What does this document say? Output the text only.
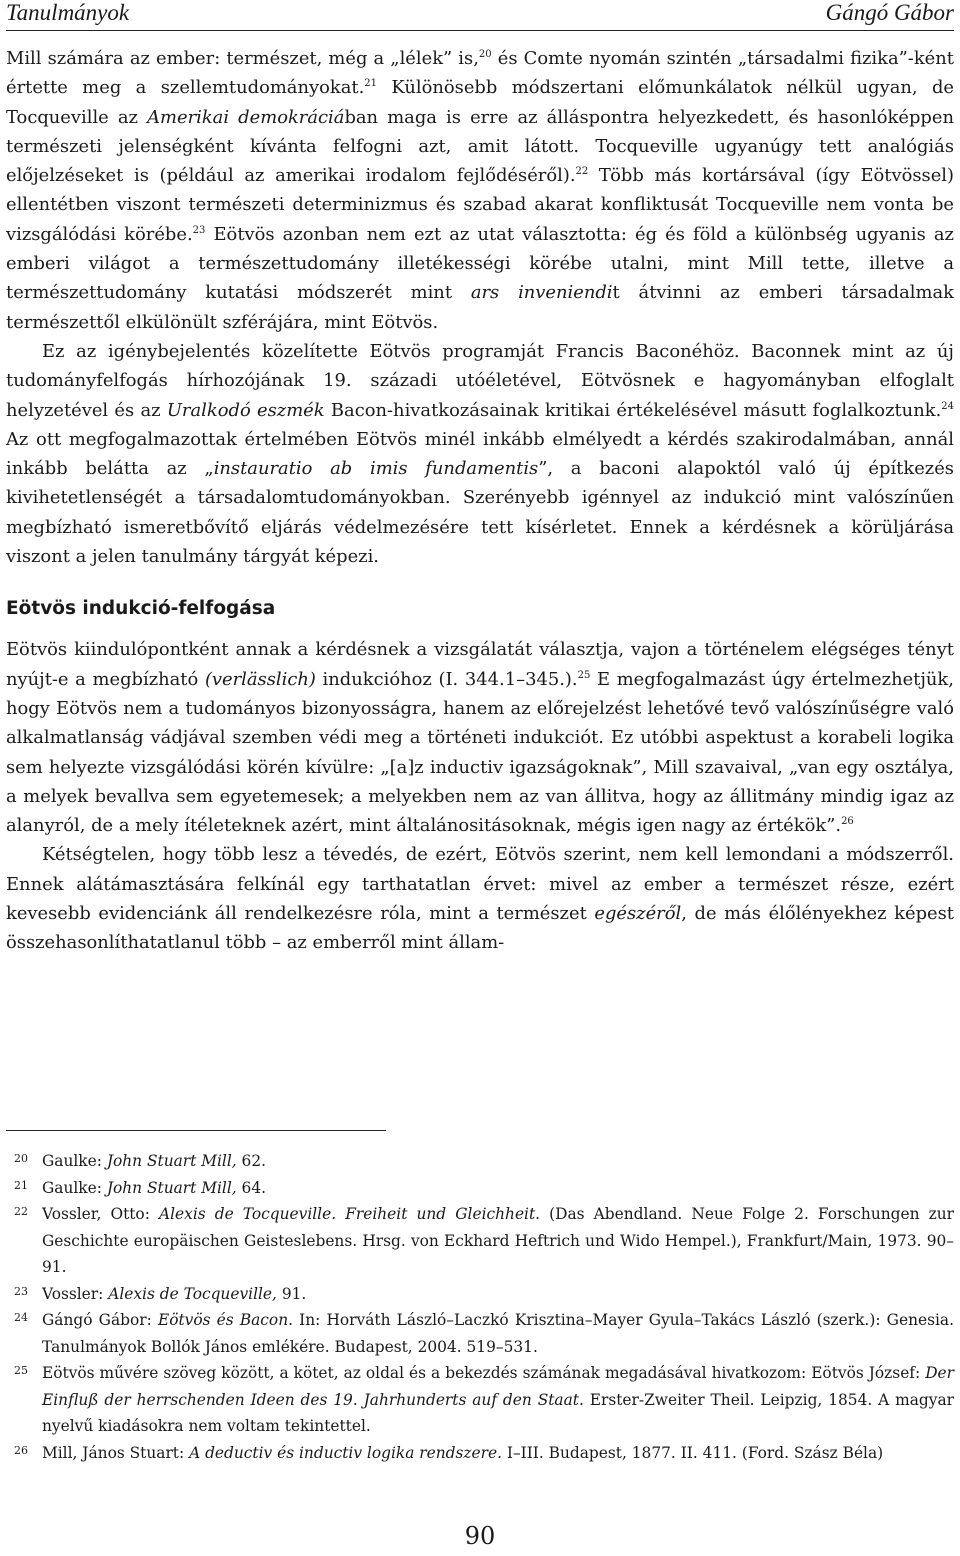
Tanulmányok	Gángó Gábor

Mill számára az ember: természet, még a „lélek” is,$^{20}$ és Comte nyomán szintén „társadalmi fizika”-ként értette meg a szellemtudományokat.$^{21}$ Különösebb módszertani előmunkálatok nélkül ugyan, de Tocqueville az Amerikai demokráciában maga is erre az álláspontra helyezkedett, és hasonlóképpen természeti jelenségként kívánta felfogni azt, amit látott. Tocqueville ugyanúgy tett analógiás előjelzéseket is (például az amerikai irodalom fejlődéséről).$^{22}$ Több más kortársával (így Eötvössel) ellentétben viszont természeti determinizmus és szabad akarat konfliktusát Tocqueville nem vonta be vizsgálódási körébe.$^{23}$ Eötvös azonban nem ezt az utat választotta: ég és föld a különbség ugyanis az emberi világot a természettudomány illetékességi körébe utalni, mint Mill tette, illetve a természettudomány kutatási módszerét mint ars inveniendit átvinni az emberi társadalmak természettől elkülönült szférájára, mint Eötvös.

Ez az igénybejelentés közelítette Eötvös programját Francis Baconéhöz. Baconnek mint az új tudományfelfogás hírhozójának 19. századi utóéletével, Eötvösnek e hagyományban elfoglalt helyzetével és az Uralkodó eszmék Bacon-hivatkozásainak kritikai értékelésével másutt foglalkoztunk.$^{24}$ Az ott megfogalmazottak értelmében Eötvös minél inkább elmélyedt a kérdés szakirodalmában, annál inkább belátta az „instauratio ab imis fundamentis”, a baconi alapoktól való új építkezés kivihetetlenségét a társadalomtudományokban. Szerényebb igénnyel az indukció mint valószínűen megbízható ismeretbővítő eljárás védelmezésére tett kísérletet. Ennek a kérdésnek a körüljárása viszont a jelen tanulmány tárgyát képezi.

Eötvös indukció-felfogása

Eötvös kiindulópontként annak a kérdésnek a vizsgálatát választja, vajon a történelem elégséges tényt nyújt-e a megbízható (verlässlich) indukcióhoz (I. 344.1–345.).$^{25}$ E megfogalmazást úgy értelmezhetjük, hogy Eötvös nem a tudományos bizonyosságra, hanem az előrejelzést lehetővé tevő valószínűségre való alkalmatlanság vádjával szemben védi meg a történeti indukciót. Ez utóbbi aspektust a korabeli logika sem helyezte vizsgálódási körén kívülre: „[a]z inductiv igazságoknak”, Mill szavaival, „van egy osztálya, a melyek bevallva sem egyetemesek; a melyekben nem az van állitva, hogy az állitmány mindig igaz az alanyról, de a mely ítéleteknek azért, mint általánositásoknak, mégis igen nagy az értékök”.$^{26}$

Kétségtelen, hogy több lesz a tévedés, de ezért, Eötvös szerint, nem kell lemondani a módszerről. Ennek alátámasztására felkínál egy tarthatatlan érvet: mivel az ember a természet része, ezért kevesebb evidenciánk áll rendelkezésre róla, mint a természet egészéről, de más élőlényekhez képest összehasonlíthatatlanul több – az emberről mint állam-

20 Gaulke: John Stuart Mill, 62.
21 Gaulke: John Stuart Mill, 64.
22 Vossler, Otto: Alexis de Tocqueville. Freiheit und Gleichheit. (Das Abendland. Neue Folge 2. Forschungen zur Geschichte europäischen Geisteslebens. Hrsg. von Eckhard Heftrich und Wido Hempel.), Frankfurt/Main, 1973. 90–91.
23 Vossler: Alexis de Tocqueville, 91.
24 Gángó Gábor: Eötvös és Bacon. In: Horváth László–Laczkó Krisztina–Mayer Gyula–Takács László (szerk.): Genesia. Tanulmányok Bollók János emlékére. Budapest, 2004. 519–531.
25 Eötvös művére szöveg között, a kötet, az oldal és a bekezdés számának megadásával hivatkozom: Eötvös József: Der Einfluß der herrschenden Ideen des 19. Jahrhunderts auf den Staat. Erster-Zweiter Theil. Leipzig, 1854. A magyar nyelvű kiadásokra nem voltam tekintettel.
26 Mill, János Stuart: A deductiv és inductiv logika rendszere. I–III. Budapest, 1877. II. 411. (Ford. Szász Béla)
90
